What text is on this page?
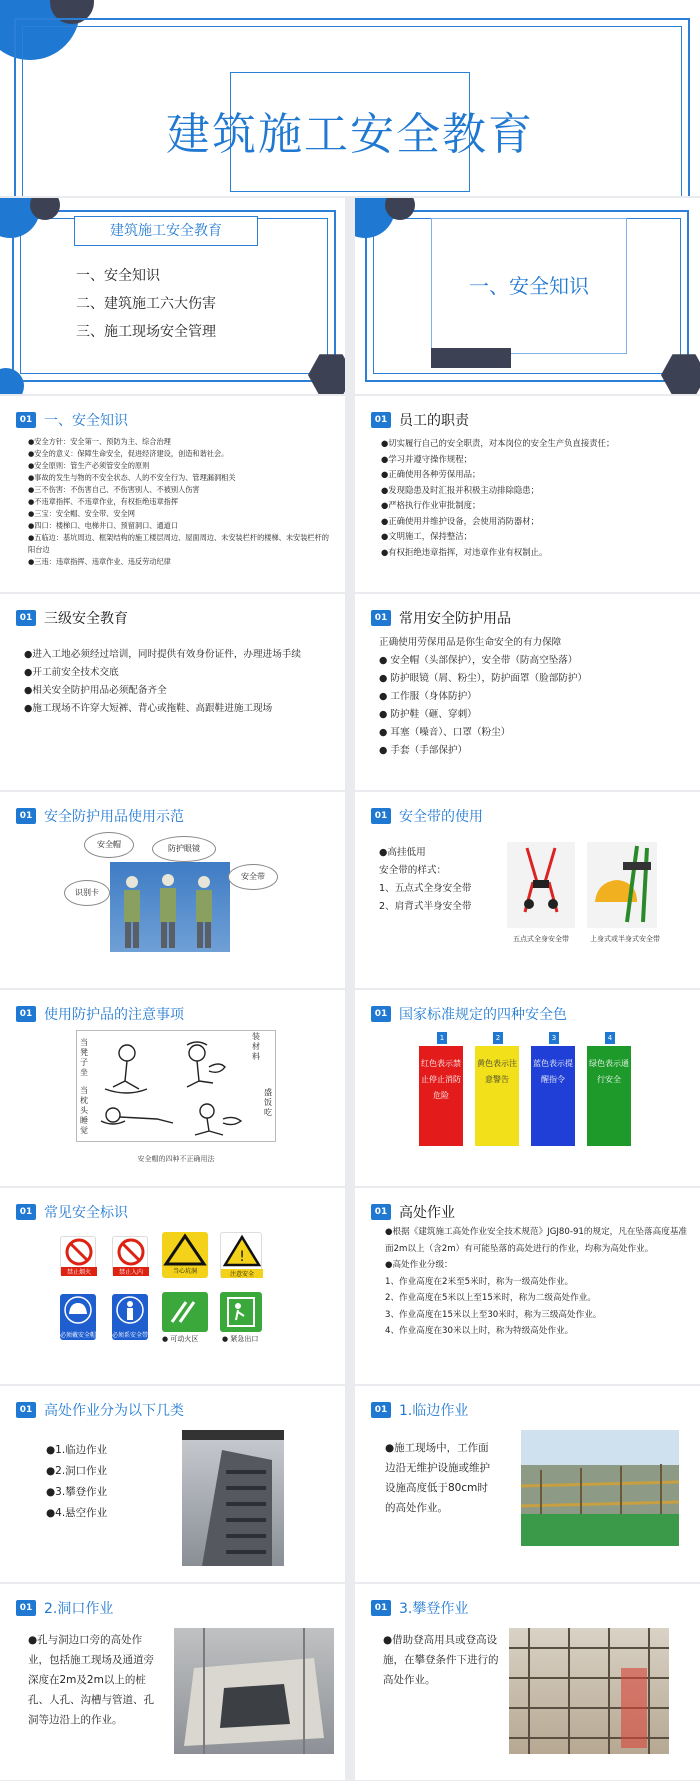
建筑施工安全教育
建筑施工安全教育
一、安全知识
二、建筑施工六大伤害
三、施工现场安全管理
一、安全知识
01 一、安全知识

●安全方针：安全第一、预防为主、综合治理

●安全的意义：保障生命安全，促进经济建设，创造和谐社会。

●安全原则：管生产必须管安全的原则

●事故的发生与物的不安全状态、人的不安全行为、管理漏洞相关

●三不伤害：不伤害自己、不伤害别人、不被别人伤害

●不违章指挥、不违章作业，有权拒绝违章指挥

●三宝：安全帽、安全带、安全网

●四口：楼梯口、电梯井口、预留洞口、通道口

●五临边：基坑周边、框架结构的施工楼层周边、屋面周边、未安装栏杆的楼梯、未安装栏杆的阳台边

●三违：违章指挥、违章作业、违反劳动纪律

01 员工的职责

●切实履行自己的安全职责，对本岗位的安全生产负直接责任；

●学习并遵守操作规程；

●正确使用各种劳保用品；

●发现隐患及时汇报并积极主动排除隐患；

●严格执行作业审批制度；

●正确使用并维护设备，会使用消防器材；

●文明施工，保持整洁；

●有权拒绝违章指挥，对违章作业有权制止。

01 三级安全教育

●进入工地必须经过培训，同时提供有效身份证件，办理进场手续

●开工前安全技术交底

●相关安全防护用品必须配备齐全

●施工现场不许穿大短裤、背心或拖鞋、高跟鞋进施工现场

01 常用安全防护用品

正确使用劳保用品是你生命安全的有力保障

● 安全帽（头部保护），安全带（防高空坠落）

● 防护眼镜（屑、粉尘），防护面罩（脸部防护）

● 工作服（身体防护）

● 防护鞋（砸、穿刺）

● 耳塞（噪音）、口罩（粉尘）

● 手套（手部保护）

01 安全防护用品使用示范
安全帽	防护眼镜
安全带
识别卡
01 安全带的使用

●高挂低用

安全带的样式：

1、五点式全身安全带

2、肩背式半身安全带

五点式全身安全带	上身式或半身式安全带
01 使用防护品的注意事项
当凳子坐
装材料
当枕头睡觉
盛饭吃
安全帽的四种不正确用法
01 国家标准规定的四种安全色
1	2	3	4
红色表示禁止停止消防危险
黄色表示注意警告
蓝色表示提醒指令
绿色表示通行安全
01 常见安全标识
禁止烟火	禁止入内	当心坑洞
!
注意安全
必须戴安全帽	必须系安全带 ● 可动火区	● 紧急出口
01 高处作业

●根据《建筑施工高处作业安全技术规范》JGJ80-91的规定，凡在坠落高度基准面2m以上（含2m）有可能坠落的高处进行的作业，均称为高处作业。

●高处作业分级：

1、作业高度在2米至5米时，称为一级高处作业。

2、作业高度在5米以上至15米时，称为二级高处作业。

3、作业高度在15米以上至30米时，称为三级高处作业。

4、作业高度在30米以上时，称为特级高处作业。

01 高处作业分为以下几类

●1.临边作业

●2.洞口作业

●3.攀登作业

●4.悬空作业

01 1.临边作业
●施工现场中，工作面边沿无维护设施或维护设施高度低于80cm时的高处作业。
01 2.洞口作业
●孔与洞边口旁的高处作业，包括施工现场及通道旁深度在2m及2m以上的桩孔、人孔、沟槽与管道、孔洞等边沿上的作业。
01 3.攀登作业
●借助登高用具或登高设施，在攀登条件下进行的高处作业。
